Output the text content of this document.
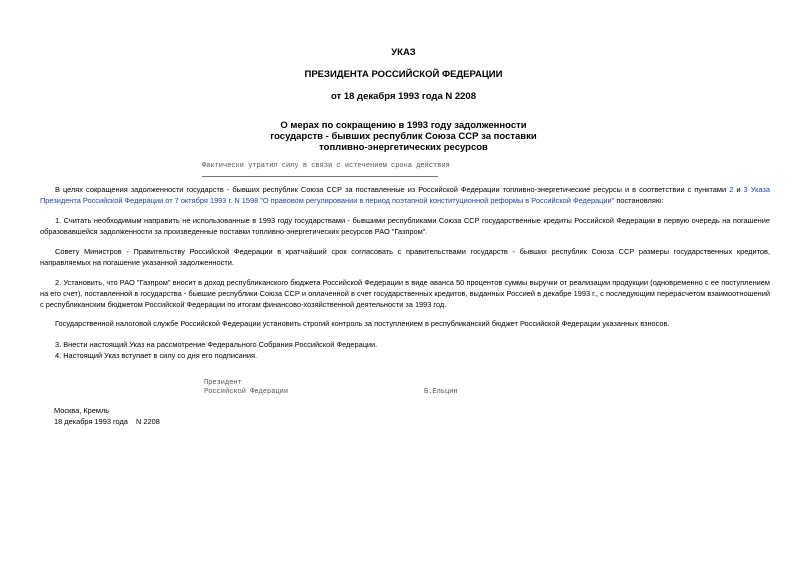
УКАЗ
ПРЕЗИДЕНТА РОССИЙСКОЙ ФЕДЕРАЦИИ
от 18 декабря 1993 года N 2208
О мерах по сокращению в 1993 году задолженности
государств - бывших республик Союза ССР за поставки
топливно-энергетических ресурсов
Фактически утратил силу в связи с истечением срока действия
В целях сокращения задолженности государств - бывших республик Союза ССР за поставленные из Российской Федерации топливно-энергетические ресурсы и в соответствии с пунктами 2 и 3 Указа Президента Российской Федерации от 7 октября 1993 г. N 1598 "О правовом регулировании в период поэтапной конституционной реформы в Российской Федерации" постановляю:
1. Считать необходимым направить не использованные в 1993 году государствами - бывшими республиками Союза ССР государственные кредиты Российской Федерации в первую очередь на погашение образовавшейся задолженности за произведенные поставки топливно-энергетических ресурсов РАО "Газпром".
Совету Министров - Правительству Российской Федерации в кратчайший срок согласовать с правительствами государств - бывших республик Союза ССР размеры государственных кредитов, направляемых на погашение указанной задолженности.
2. Установить, что РАО "Газпром" вносит в доход республиканского бюджета Российской Федерации в виде аванса 50 процентов суммы выручки от реализации продукции (одновременно с ее поступлением на его счет), поставленной в государства - бывшие республики Союза ССР и оплаченной в счет государственных кредитов, выданных Россией в декабре 1993 г., с последующим перерасчетом взаимоотношений с республиканским бюджетом Российской Федерации по итогам финансово-хозяйственной деятельности за 1993 год.
Государственной налоговой службе Российской Федерации установить строгий контроль за поступлением в республиканский бюджет Российской Федерации указанных взносов.
3. Внести настоящий Указ на рассмотрение Федерального Собрания Российской Федерации.
4. Настоящий Указ вступает в силу со дня его подписания.
Президент
Российской Федерации	Б.Ельцин
Москва, Кремль
18 декабря 1993 года N 2208
